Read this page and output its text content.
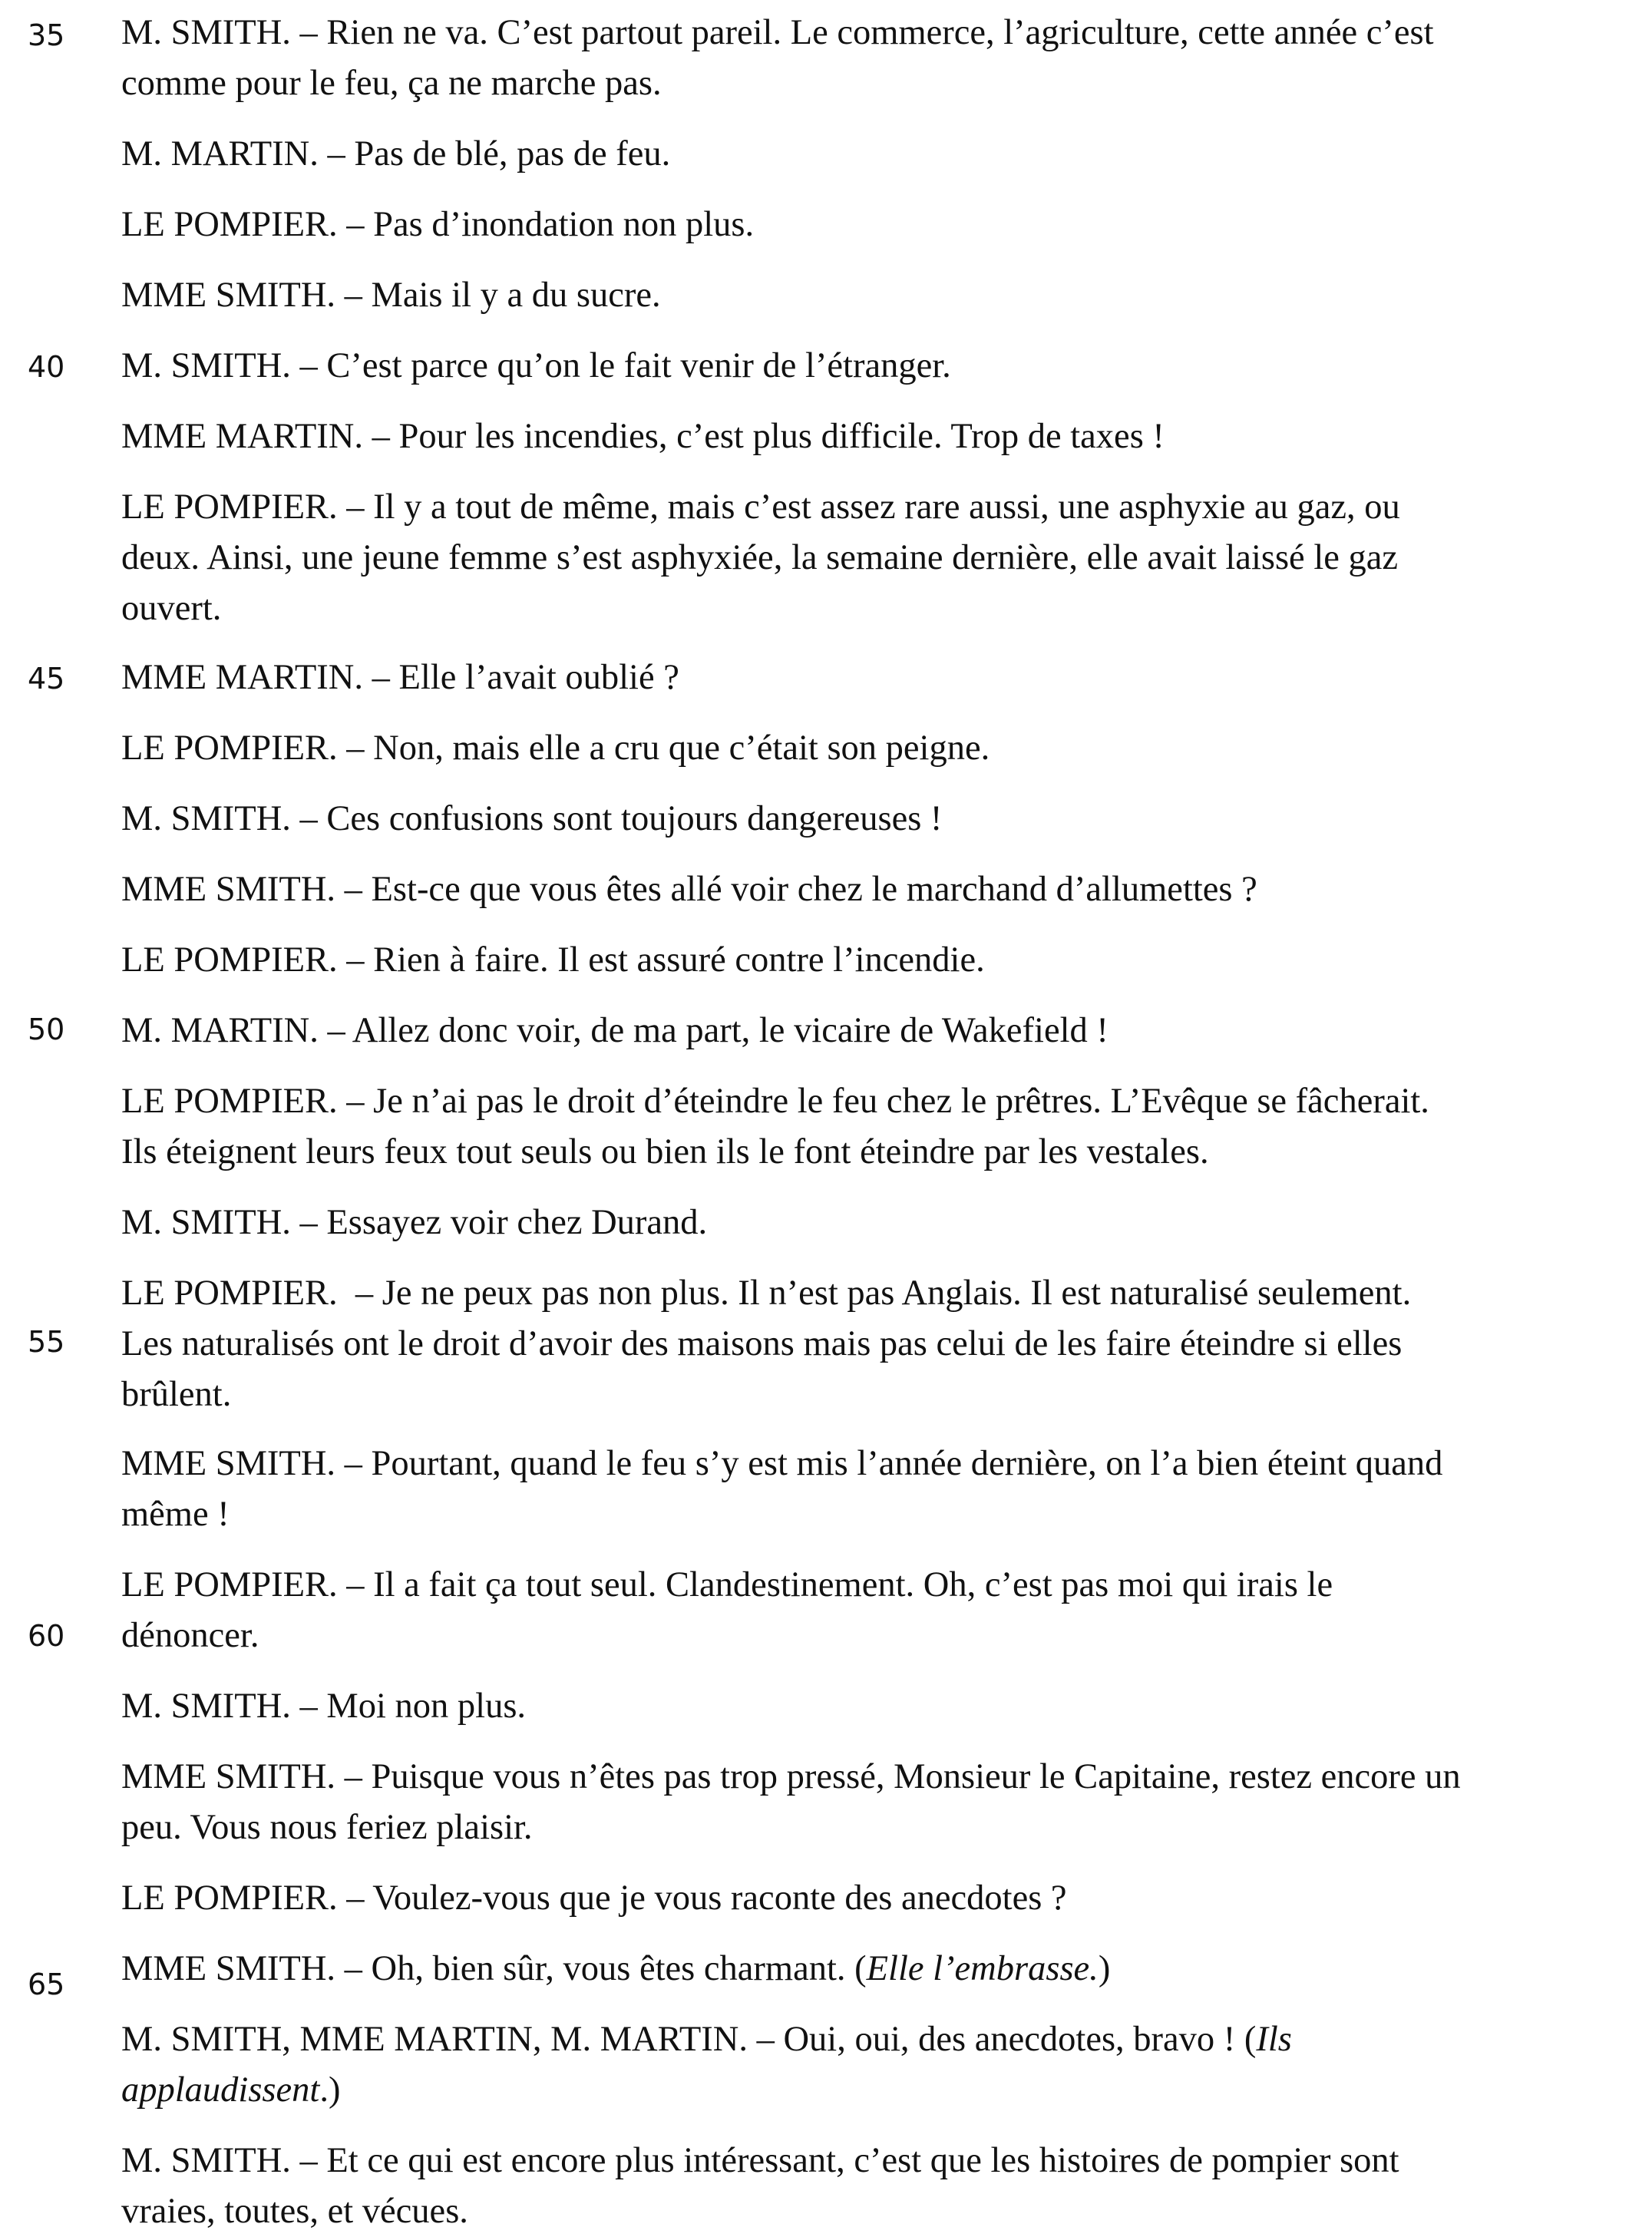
35
40
45
50
55
60
65
M. SMITH. – Rien ne va. C’est partout pareil. Le commerce, l’agriculture, cette année c’est
comme pour le feu, ça ne marche pas.
M. MARTIN. – Pas de blé, pas de feu.
LE POMPIER. – Pas d’inondation non plus.
MME SMITH. – Mais il y a du sucre.
M. SMITH. – C’est parce qu’on le fait venir de l’étranger.
MME MARTIN. – Pour les incendies, c’est plus difficile. Trop de taxes !
LE POMPIER. – Il y a tout de même, mais c’est assez rare aussi, une asphyxie au gaz, ou
deux. Ainsi, une jeune femme s’est asphyxiée, la semaine dernière, elle avait laissé le gaz
ouvert.
MME MARTIN. – Elle l’avait oublié ?
LE POMPIER. – Non, mais elle a cru que c’était son peigne.
M. SMITH. – Ces confusions sont toujours dangereuses !
MME SMITH. – Est-ce que vous êtes allé voir chez le marchand d’allumettes ?
LE POMPIER. – Rien à faire. Il est assuré contre l’incendie.
M. MARTIN. – Allez donc voir, de ma part, le vicaire de Wakefield !
LE POMPIER. – Je n’ai pas le droit d’éteindre le feu chez le prêtres. L’Evêque se fâcherait.
Ils éteignent leurs feux tout seuls ou bien ils le font éteindre par les vestales.
M. SMITH. – Essayez voir chez Durand.
LE POMPIER.  – Je ne peux pas non plus. Il n’est pas Anglais. Il est naturalisé seulement.
Les naturalisés ont le droit d’avoir des maisons mais pas celui de les faire éteindre si elles
brûlent.
MME SMITH. – Pourtant, quand le feu s’y est mis l’année dernière, on l’a bien éteint quand
même !
LE POMPIER. – Il a fait ça tout seul. Clandestinement. Oh, c’est pas moi qui irais le
dénoncer.
M. SMITH. – Moi non plus.
MME SMITH. – Puisque vous n’êtes pas trop pressé, Monsieur le Capitaine, restez encore un
peu. Vous nous feriez plaisir.
LE POMPIER. – Voulez-vous que je vous raconte des anecdotes ?
MME SMITH. – Oh, bien sûr, vous êtes charmant. (Elle l’embrasse.)
M. SMITH, MME MARTIN, M. MARTIN. – Oui, oui, des anecdotes, bravo ! (Ils
applaudissent.)
M. SMITH. – Et ce qui est encore plus intéressant, c’est que les histoires de pompier sont
vraies, toutes, et vécues.
